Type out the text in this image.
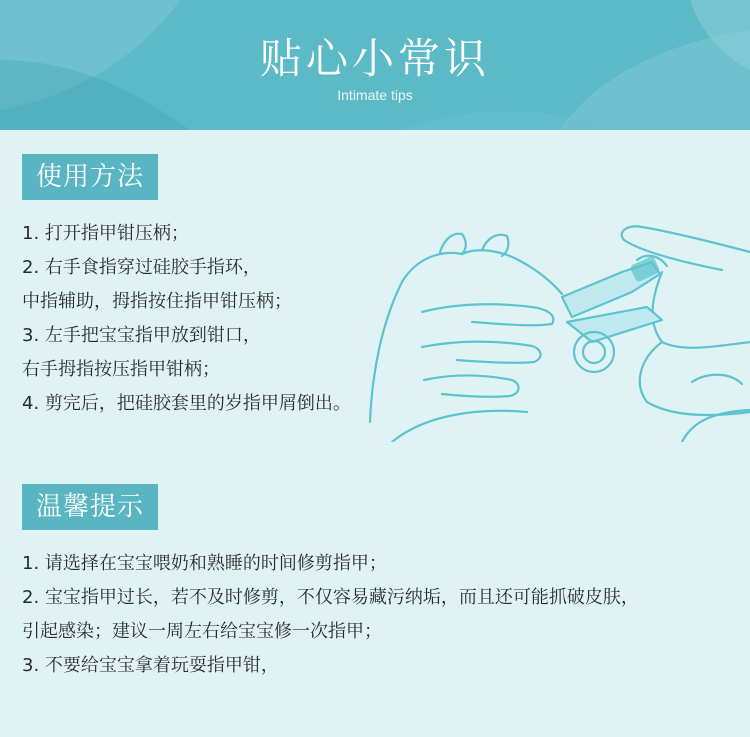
贴心小常识
Intimate tips
使用方法
1. 打开指甲钳压柄；
2. 右手食指穿过硅胶手指环，
中指辅助，拇指按住指甲钳压柄；
3. 左手把宝宝指甲放到钳口，
右手拇指按压指甲钳柄；
4. 剪完后，把硅胶套里的岁指甲屑倒出。
温馨提示
1. 请选择在宝宝喂奶和熟睡的时间修剪指甲；
2. 宝宝指甲过长，若不及时修剪，不仅容易藏污纳垢，而且还可能抓破皮肤，
引起感染；建议一周左右给宝宝修一次指甲；
3. 不要给宝宝拿着玩耍指甲钳，
